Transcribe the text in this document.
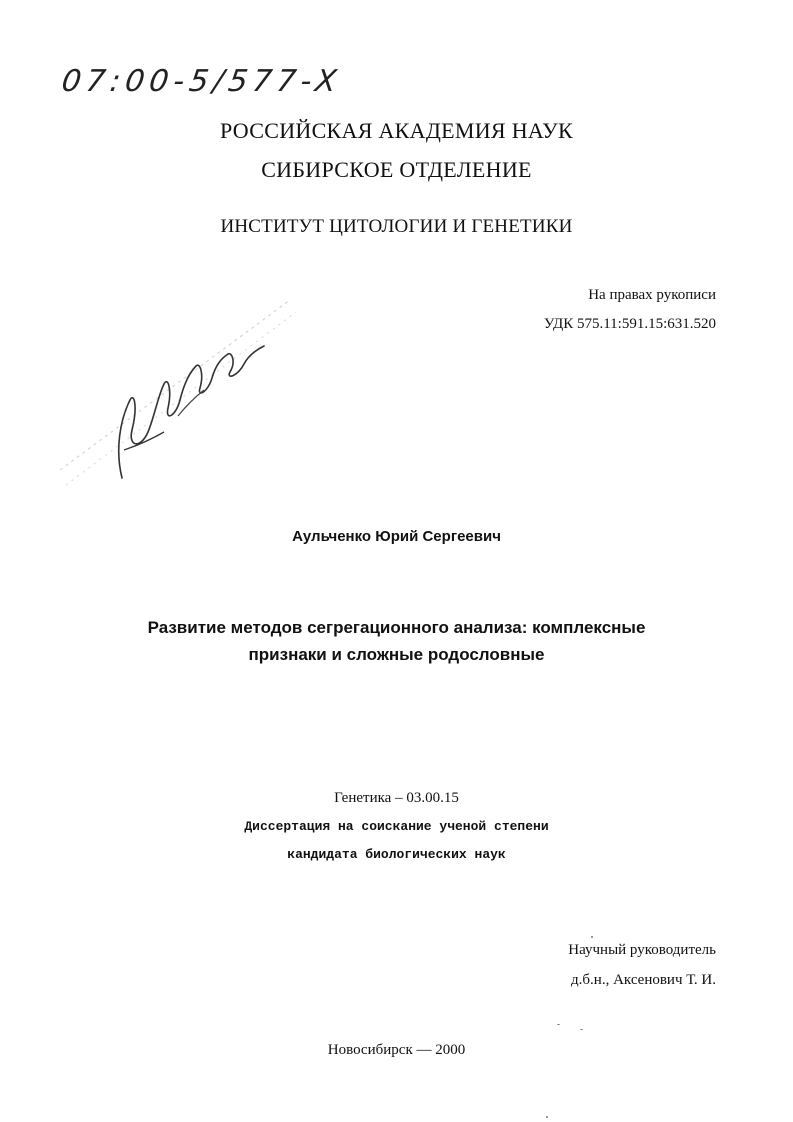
07:00-5/577-X
РОССИЙСКАЯ АКАДЕМИЯ НАУК
СИБИРСКОЕ ОТДЕЛЕНИЕ
ИНСТИТУТ ЦИТОЛОГИИ И ГЕНЕТИКИ
На правах рукописи
УДК 575.11:591.15:631.520
Аульченко Юрий Сергеевич
Развитие методов сегрегационного анализа: комплексные
признаки и сложные родословные
Генетика – 03.00.15
Диссертация на соискание ученой степени
кандидата биологических наук
Научный руководитель
д.б.н., Аксенович Т. И.
Новосибирск — 2000
